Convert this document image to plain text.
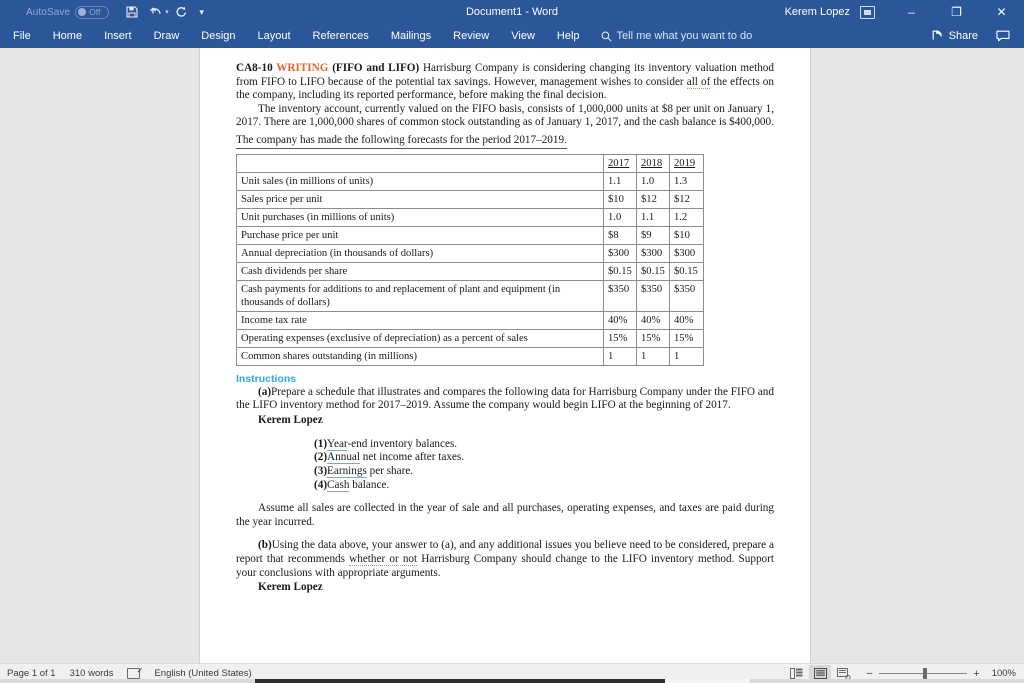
AutoSave Off	▾	▾	Document1 - Word	Kerem Lopez	–	❐	✕
File	Home	Insert	Draw	Design	Layout	References	Mailings	Review	View	Help	Tell me what you want to do	Share

CA8-10 WRITING (FIFO and LIFO) Harrisburg Company is considering changing its inventory valuation method from FIFO to LIFO because of the potential tax savings. However, management wishes to consider all of the effects on the company, including its reported performance, before making the final decision.

The inventory account, currently valued on the FIFO basis, consists of 1,000,000 units at $8 per unit on January 1, 2017. There are 1,000,000 shares of common stock outstanding as of January 1, 2017, and the cash balance is $400,000.

The company has made the following forecasts for the period 2017–2019.

	2017	2018	2019
Unit sales (in millions of units)	1.1	1.0	1.3
Sales price per unit	$10	$12	$12
Unit purchases (in millions of units)	1.0	1.1	1.2
Purchase price per unit	$8	$9	$10
Annual depreciation (in thousands of dollars)	$300	$300	$300
Cash dividends per share	$0.15	$0.15	$0.15
Cash payments for additions to and replacement of plant and equipment (in thousands of dollars)	$350	$350	$350
Income tax rate	40%	40%	40%
Operating expenses (exclusive of depreciation) as a percent of sales	15%	15%	15%
Common shares outstanding (in millions)	1	1	1
Instructions

(a)Prepare a schedule that illustrates and compares the following data for Harrisburg Company under the FIFO and the LIFO inventory method for 2017–2019. Assume the company would begin LIFO at the beginning of 2017.

Kerem Lopez
(1)Year-end inventory balances.
(2)Annual net income after taxes.
(3)Earnings per share.
(4)Cash balance.

Assume all sales are collected in the year of sale and all purchases, operating expenses, and taxes are paid during the year incurred.

(b)Using the data above, your answer to (a), and any additional issues you believe need to be considered, prepare a report that recommends whether or not Harrisburg Company should change to the LIFO inventory method. Support your conclusions with appropriate arguments.

Kerem Lopez
Page 1 of 1	310 words ✓	English (United States)	−	+	100%
